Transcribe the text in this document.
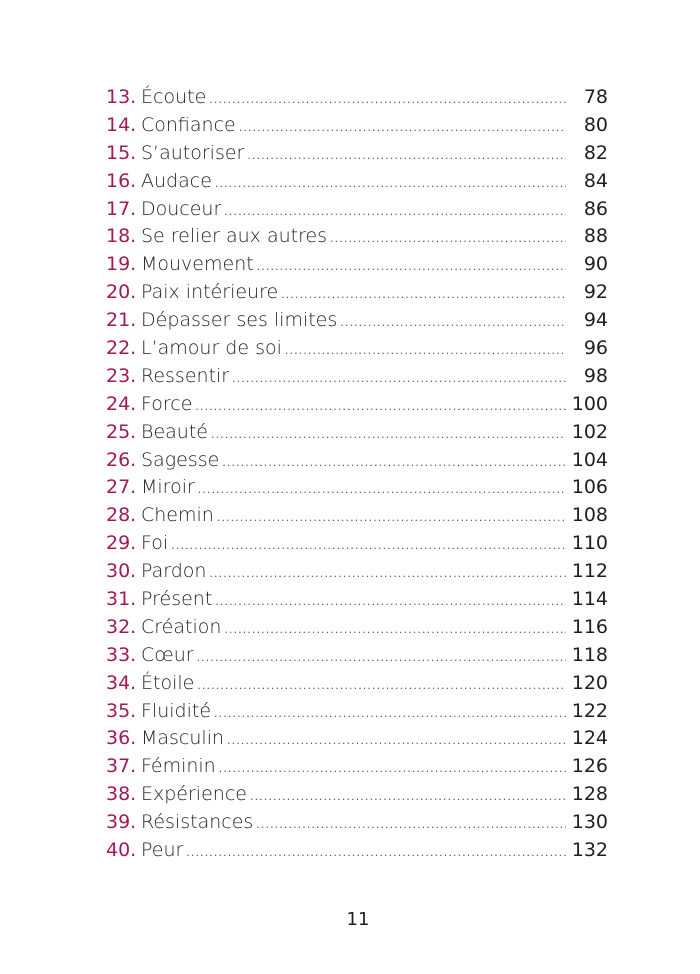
13. Écoute .....	78
14. Confiance .....	80
15. S’autoriser .....	82
16. Audace .....	84
17. Douceur .....	86
18. Se relier aux autres .....	88
19. Mouvement .....	90
20. Paix intérieure .....	92
21. Dépasser ses limites .....	94
22. L’amour de soi .....	96
23. Ressentir .....	98
24. Force .....	100
25. Beauté .....	102
26. Sagesse .....	104
27. Miroir .....	106
28. Chemin .....	108
29. Foi .....	110
30. Pardon .....	112
31. Présent .....	114
32. Création .....	116
33. Cœur .....	118
34. Étoile .....	120
35. Fluidité .....	122
36. Masculin .....	124
37. Féminin .....	126
38. Expérience .....	128
39. Résistances .....	130
40. Peur .....	132
11
